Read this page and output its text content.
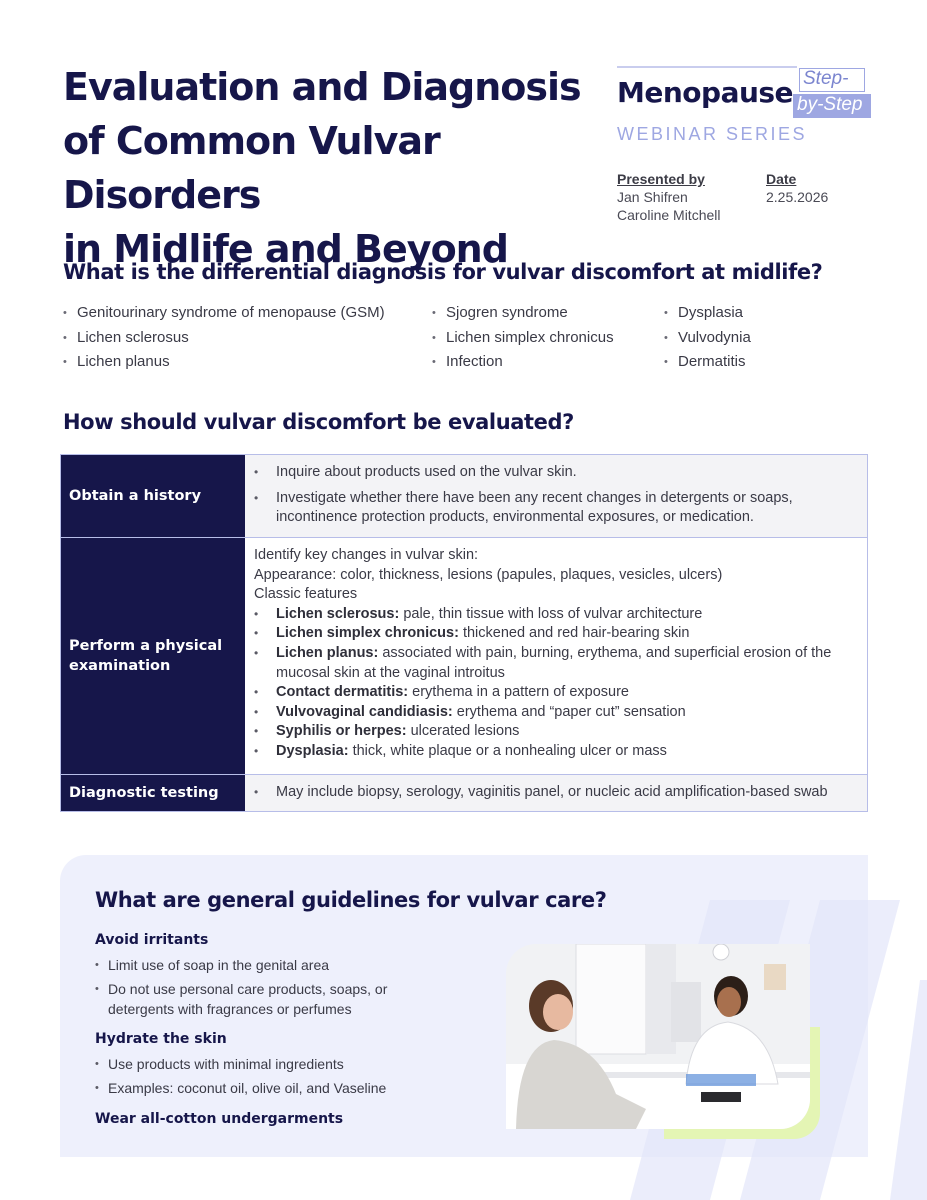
Evaluation and Diagnosis
of Common Vulvar Disorders
in Midlife and Beyond
Menopause Step-
by-Step
WEBINAR SERIES
Presented by
Jan Shifren
Caroline Mitchell
Date
2.25.2026
What is the differential diagnosis for vulvar discomfort at midlife?
• Genitourinary syndrome of menopause (GSM)
• Lichen sclerosus
• Lichen planus
• Sjogren syndrome
• Lichen simplex chronicus
• Infection
• Dysplasia
• Vulvodynia
• Dermatitis
How should vulvar discomfort be evaluated?
Obtain a history
• Inquire about products used on the vulvar skin.
• Investigate whether there have been any recent changes in detergents or soaps, incontinence protection products, environmental exposures, or medication.
Perform a physical examination

Identify key changes in vulvar skin:

Appearance: color, thickness, lesions (papules, plaques, vesicles, ulcers)

Classic features

• Lichen sclerosus: pale, thin tissue with loss of vulvar architecture
• Lichen simplex chronicus: thickened and red hair-bearing skin
• Lichen planus: associated with pain, burning, erythema, and superficial erosion of the mucosal skin at the vaginal introitus
• Contact dermatitis: erythema in a pattern of exposure
• Vulvovaginal candidiasis: erythema and “paper cut” sensation
• Syphilis or herpes: ulcerated lesions
• Dysplasia: thick, white plaque or a nonhealing ulcer or mass
Diagnostic testing
•	May include biopsy, serology, vaginitis panel, or nucleic acid amplification-based swab
What are general guidelines for vulvar care?
Avoid irritants
• Limit use of soap in the genital area
• Do not use personal care products, soaps, or detergents with fragrances or perfumes
Hydrate the skin
• Use products with minimal ingredients
• Examples: coconut oil, olive oil, and Vaseline
Wear all-cotton undergarments
